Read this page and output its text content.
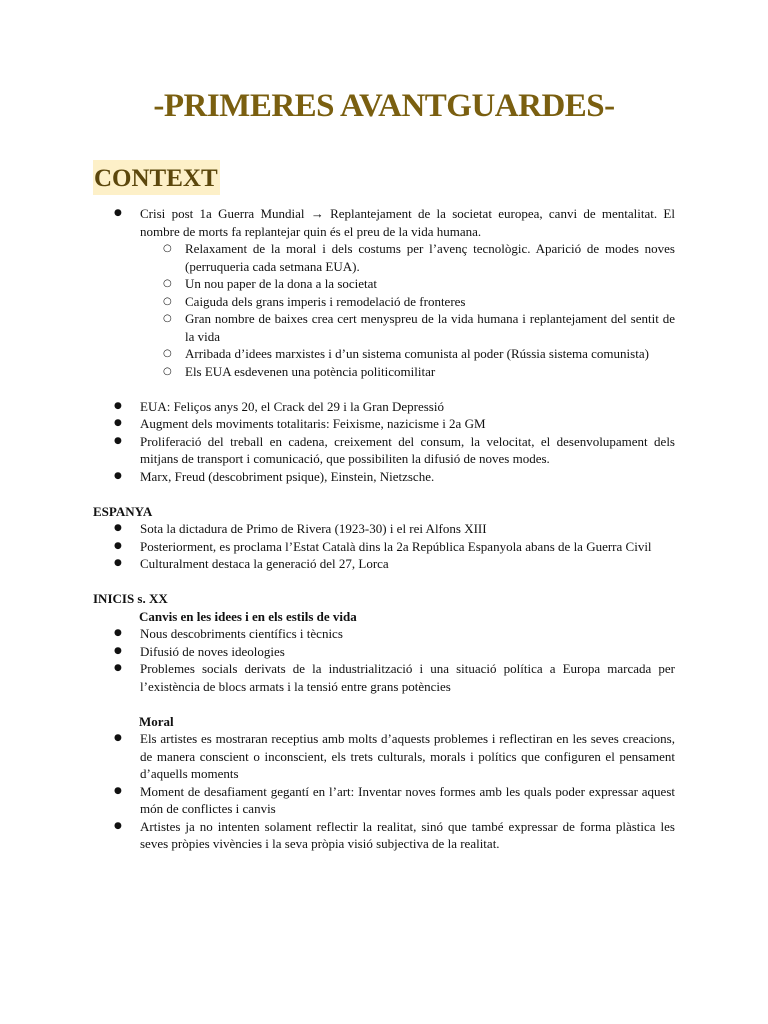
-PRIMERES AVANTGUARDES-
CONTEXT
● Crisi post 1a Guerra Mundial → Replantejament de la societat europea, canvi de mentalitat. El nombre de morts fa replantejar quin és el preu de la vida humana.
○ Relaxament de la moral i dels costums per l’avenç tecnològic. Aparició de modes noves (perruqueria cada setmana EUA).
○ Un nou paper de la dona a la societat
○ Caiguda dels grans imperis i remodelació de fronteres
○ Gran nombre de baixes crea cert menyspreu de la vida humana i replantejament del sentit de la vida
○ Arribada d’idees marxistes i d’un sistema comunista al poder (Rússia sistema comunista)
○ Els EUA esdevenen una potència politicomilitar
● EUA: Feliços anys 20, el Crack del 29 i la Gran Depressió
● Augment dels moviments totalitaris: Feixisme, nazicisme i 2a GM
● Proliferació del treball en cadena, creixement del consum, la velocitat, el desenvolupament dels mitjans de transport i comunicació, que possibiliten la difusió de noves modes.
● Marx, Freud (descobriment psique), Einstein, Nietzsche.

ESPANYA

● Sota la dictadura de Primo de Rivera (1923-30) i el rei Alfons XIII
● Posteriorment, es proclama l’Estat Català dins la 2a República Espanyola abans de la Guerra Civil
● Culturalment destaca la generació del 27, Lorca

INICIS s. XX

Canvis en les idees i en els estils de vida

● Nous descobriments científics i tècnics
● Difusió de noves ideologies
● Problemes socials derivats de la industrialització i una situació política a Europa marcada per l’existència de blocs armats i la tensió entre grans potències

Moral

● Els artistes es mostraran receptius amb molts d’aquests problemes i reflectiran en les seves creacions, de manera conscient o inconscient, els trets culturals, morals i polítics que configuren el pensament d’aquells moments
● Moment de desafiament gegantí en l’art: Inventar noves formes amb les quals poder expressar aquest món de conflictes i canvis
● Artistes ja no intenten solament reflectir la realitat, sinó que també expressar de forma plàstica les seves pròpies vivències i la seva pròpia visió subjectiva de la realitat.
